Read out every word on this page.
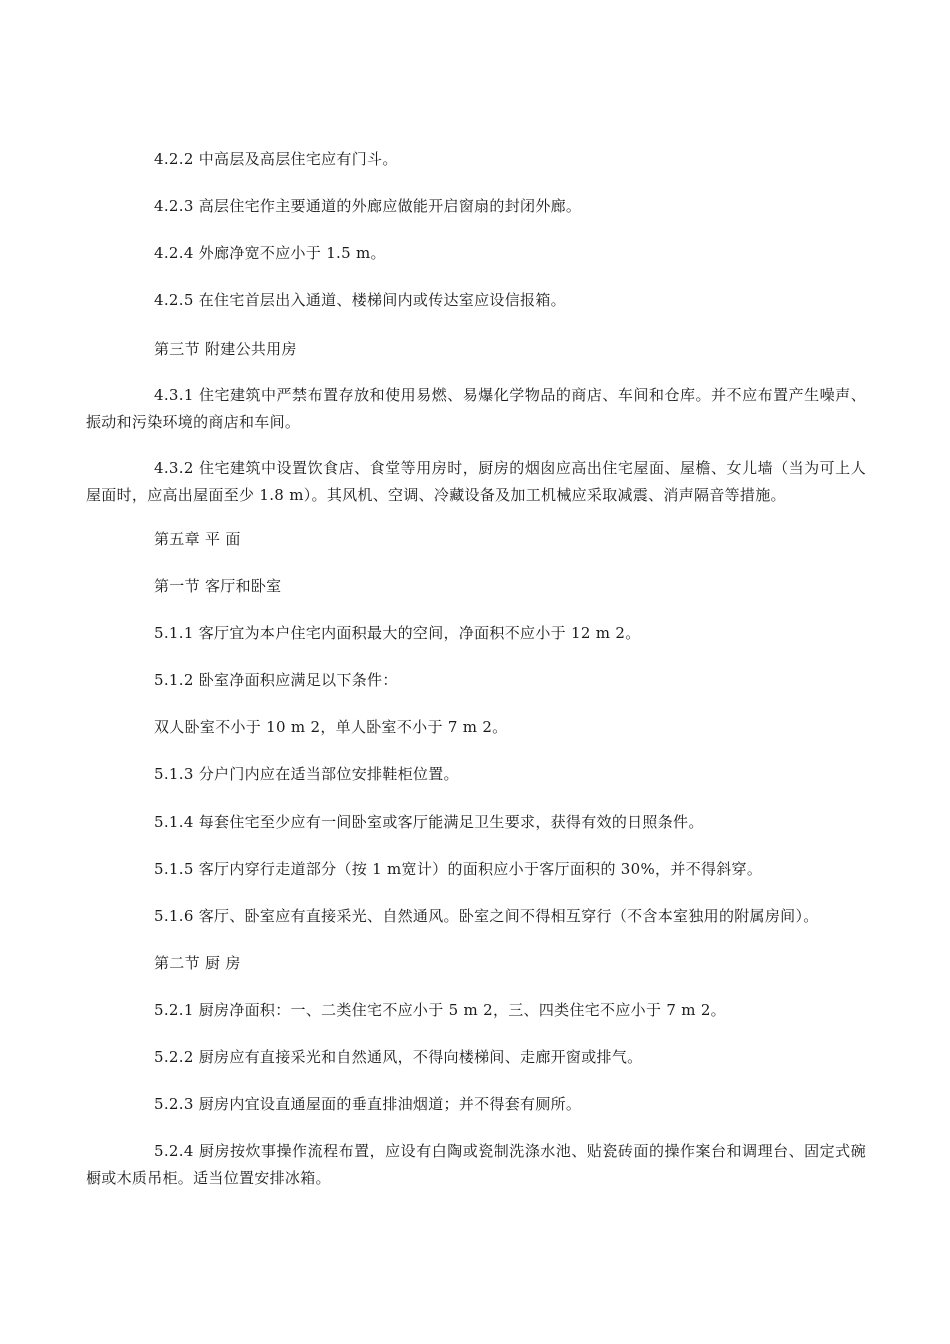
4.2.2 中高层及高层住宅应有门斗。

4.2.3 高层住宅作主要通道的外廊应做能开启窗扇的封闭外廊。

4.2.4 外廊净宽不应小于 1.5 m。

4.2.5 在住宅首层出入通道、楼梯间内或传达室应设信报箱。

第三节 附建公共用房

4.3.1 住宅建筑中严禁布置存放和使用易燃、易爆化学物品的商店、车间和仓库。并不应布置产生噪声、振动和污染环境的商店和车间。

4.3.2 住宅建筑中设置饮食店、食堂等用房时，厨房的烟囱应高出住宅屋面、屋檐、女儿墙（当为可上人屋面时，应高出屋面至少 1.8 m）。其风机、空调、冷藏设备及加工机械应采取减震、消声隔音等措施。

第五章 平 面

第一节 客厅和卧室

5.1.1 客厅宜为本户住宅内面积最大的空间，净面积不应小于 12 m 2。

5.1.2 卧室净面积应满足以下条件：

双人卧室不小于 10 m 2，单人卧室不小于 7 m 2。

5.1.3 分户门内应在适当部位安排鞋柜位置。

5.1.4 每套住宅至少应有一间卧室或客厅能满足卫生要求，获得有效的日照条件。

5.1.5 客厅内穿行走道部分（按 1 m宽计）的面积应小于客厅面积的 30%，并不得斜穿。

5.1.6 客厅、卧室应有直接采光、自然通风。卧室之间不得相互穿行（不含本室独用的附属房间）。

第二节 厨 房

5.2.1 厨房净面积：一、二类住宅不应小于 5 m 2，三、四类住宅不应小于 7 m 2。

5.2.2 厨房应有直接采光和自然通风，不得向楼梯间、走廊开窗或排气。

5.2.3 厨房内宜设直通屋面的垂直排油烟道；并不得套有厕所。

5.2.4 厨房按炊事操作流程布置，应设有白陶或瓷制洗涤水池、贴瓷砖面的操作案台和调理台、固定式碗橱或木质吊柜。适当位置安排冰箱。
